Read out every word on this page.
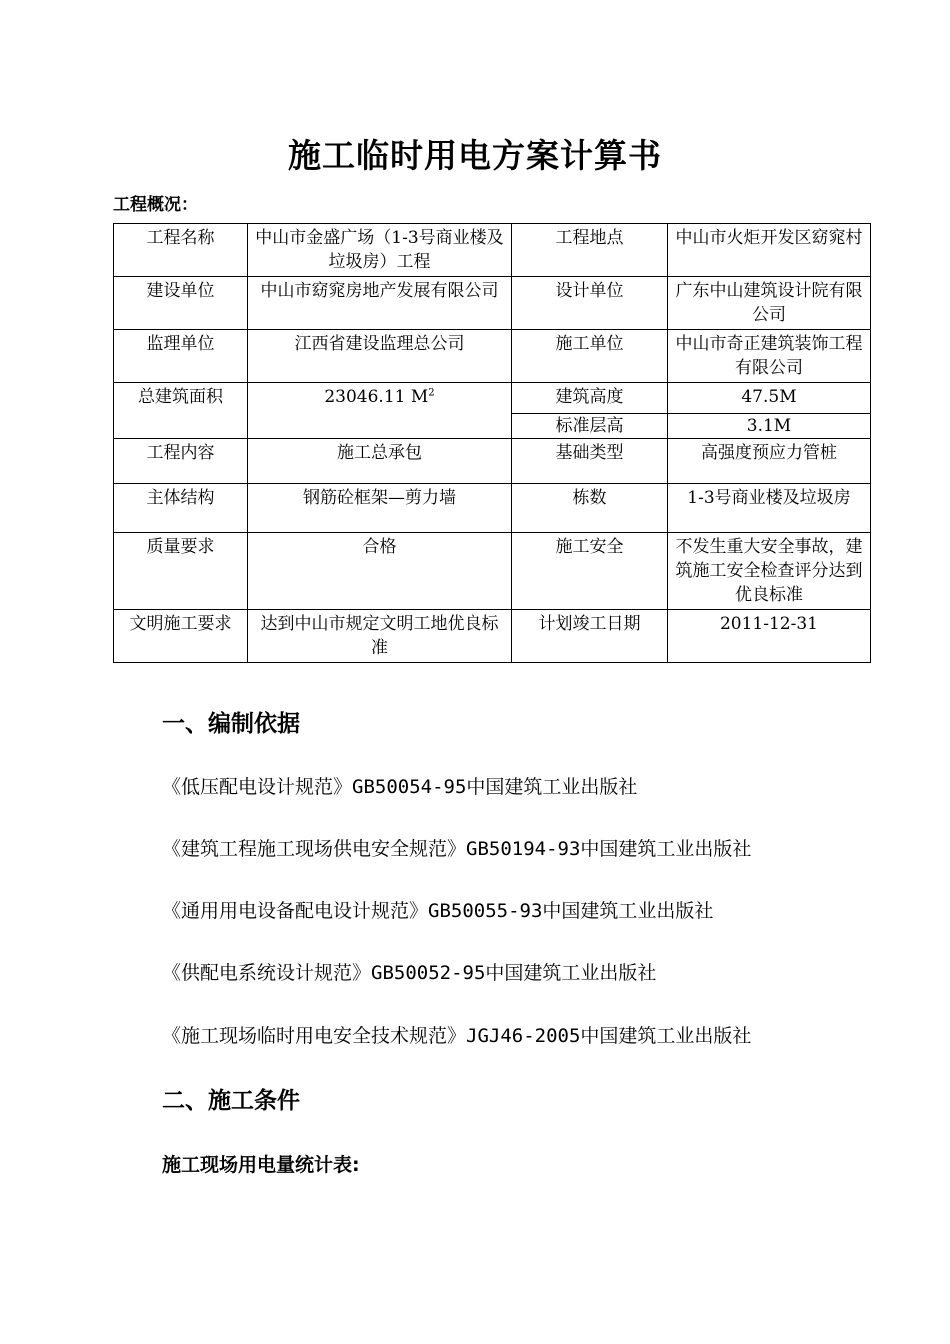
施工临时用电方案计算书
工程概况：
工程名称	中山市金盛广场（1-3号商业楼及垃圾房）工程	工程地点	中山市火炬开发区窈窕村
建设单位	中山市窈窕房地产发展有限公司	设计单位	广东中山建筑设计院有限公司
监理单位	江西省建设监理总公司	施工单位	中山市奇正建筑装饰工程有限公司
总建筑面积	23046.11 $M^2$	建筑高度	47.5M
		标准层高	3.1M
工程内容	施工总承包	基础类型	高强度预应力管桩
主体结构	钢筋砼框架—剪力墙	栋数	1-3号商业楼及垃圾房
质量要求	合格	施工安全	不发生重大安全事故，建筑施工安全检查评分达到优良标准
文明施工要求	达到中山市规定文明工地优良标准	计划竣工日期	2011-12-31
一、编制依据
《低压配电设计规范》GB50054-95中国建筑工业出版社
《建筑工程施工现场供电安全规范》GB50194-93中国建筑工业出版社
《通用用电设备配电设计规范》GB50055-93中国建筑工业出版社
《供配电系统设计规范》GB50052-95中国建筑工业出版社
《施工现场临时用电安全技术规范》JGJ46-2005中国建筑工业出版社
二、施工条件
施工现场用电量统计表:
